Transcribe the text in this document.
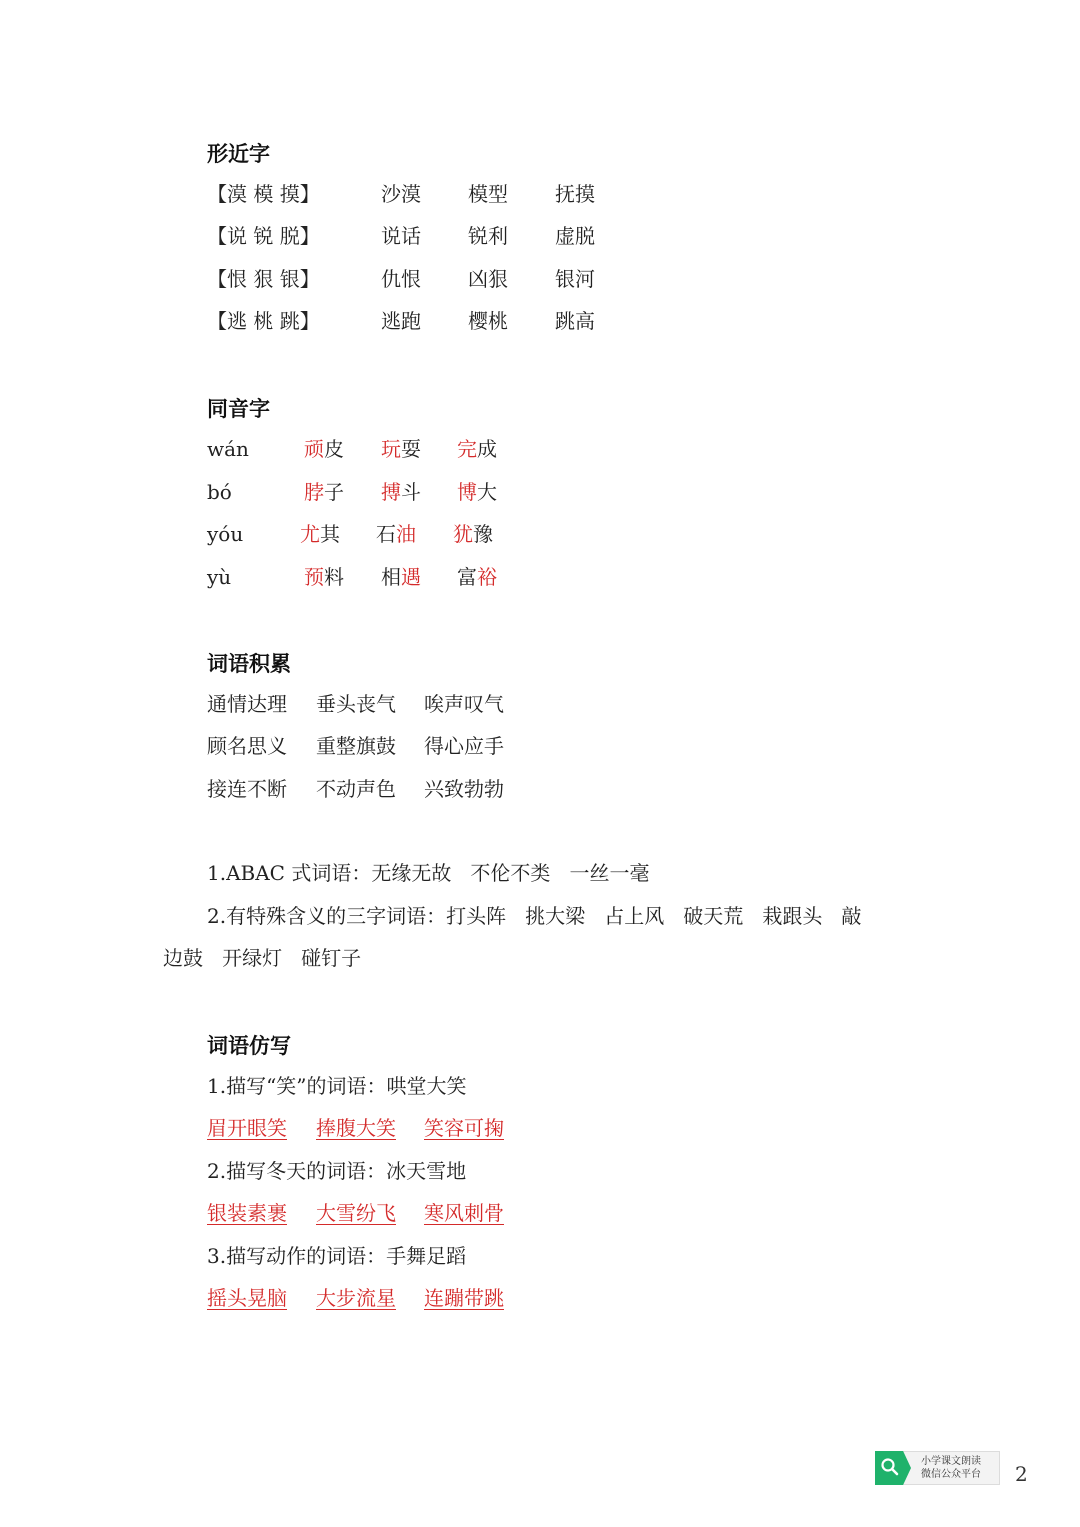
形近字
【漠 模 摸】	沙漠 模型 抚摸
【说 锐 脱】	说话 锐利 虚脱
【恨 狠 银】	仇恨 凶狠 银河
【逃 桃 跳】	逃跑 樱桃 跳高
同音字
wán	顽皮 玩耍 完成
bó	脖子 搏斗 博大
yóu	尤其 石油 犹豫
yù	预料 相遇 富裕
词语积累
通情达理 垂头丧气 唉声叹气
顾名思义 重整旗鼓 得心应手
接连不断 不动声色 兴致勃勃
1.ABAC 式词语：无缘无故   不伦不类   一丝一毫
2.有特殊含义的三字词语：打头阵   挑大梁   占上风   破天荒   栽跟头   敲
边鼓   开绿灯   碰钉子
词语仿写
1.描写“笑”的词语：哄堂大笑
眉开眼笑 捧腹大笑 笑容可掬
2.描写冬天的词语：冰天雪地
银装素裹 大雪纷飞 寒风刺骨
3.描写动作的词语：手舞足蹈
摇头晃脑 大步流星 连蹦带跳
小学课文朗读
微信公众平台 2
